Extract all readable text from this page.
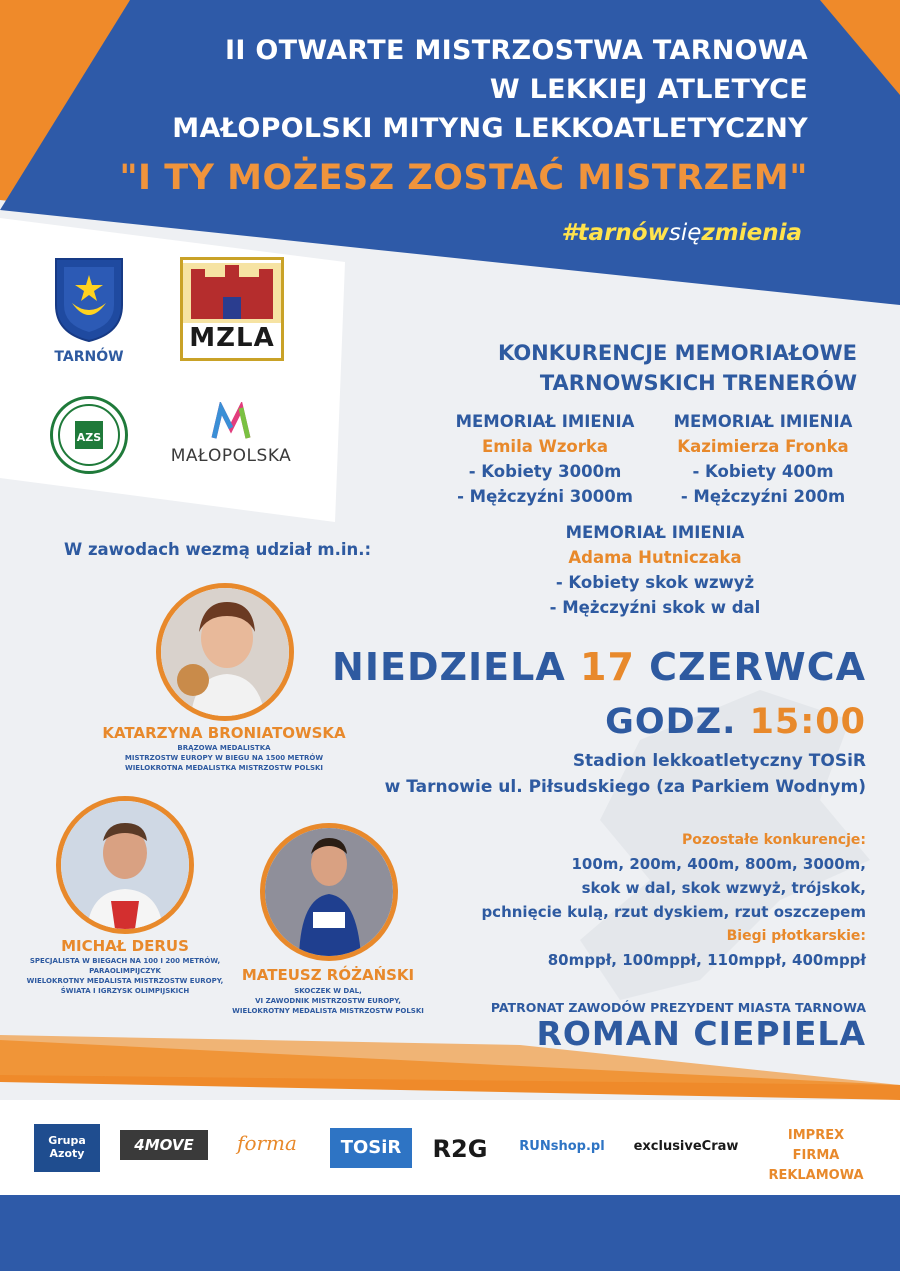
II OTWARTE MISTRZOSTWA TARNOWA
W LEKKIEJ ATLETYCE
MAŁOPOLSKI MITYNG LEKKOATLETYCZNY
"I TY MOŻESZ ZOSTAĆ MISTRZEM"
#tarnówsięzmienia
TARNÓW
MZLA
AZS
MAŁOPOLSKA
KONKURENCJE MEMORIAŁOWE
TARNOWSKICH TRENERÓW
MEMORIAŁ IMIENIA
Emila Wzorka
- Kobiety 3000m
- Mężczyźni 3000m
MEMORIAŁ IMIENIA
Kazimierza Fronka
- Kobiety 400m
- Mężczyźni 200m
MEMORIAŁ IMIENIA
Adama Hutniczaka
- Kobiety skok wzwyż
- Mężczyźni skok w dal
W zawodach wezmą udział m.in.:
KATARZYNA BRONIATOWSKA
BRĄZOWA MEDALISTKA
MISTRZOSTW EUROPY W BIEGU NA 1500 METRÓW
WIELOKROTNA MEDALISTKA MISTRZOSTW POLSKI
MICHAŁ DERUS
SPECJALISTA W BIEGACH NA 100 I 200 METRÓW,
PARAOLIMPIJCZYK
WIELOKROTNY MEDALISTA MISTRZOSTW EUROPY,
ŚWIATA I IGRZYSK OLIMPIJSKICH
MATEUSZ RÓŻAŃSKI
SKOCZEK W DAL,
VI ZAWODNIK MISTRZOSTW EUROPY,
WIELOKROTNY MEDALISTA MISTRZOSTW POLSKI
NIEDZIELA 17 CZERWCA
GODZ. 15:00
Stadion lekkoatletyczny TOSiR
w Tarnowie ul. Piłsudskiego (za Parkiem Wodnym)
Pozostałe konkurencje:
100m, 200m, 400m, 800m, 3000m,
skok w dal, skok wzwyż, trójskok,
pchnięcie kulą, rzut dyskiem, rzut oszczepem
Biegi płotkarskie:
80mppł, 100mppł, 110mppł, 400mppł
PATRONAT ZAWODÓW PREZYDENT MIASTA TARNOWA
ROMAN CIEPIELA
Grupa Azoty	4MOVE	forma	TOSiR	R2G	RUNshop.pl	exclusiveCraw
IMPREX FIRMA REKLAMOWA
